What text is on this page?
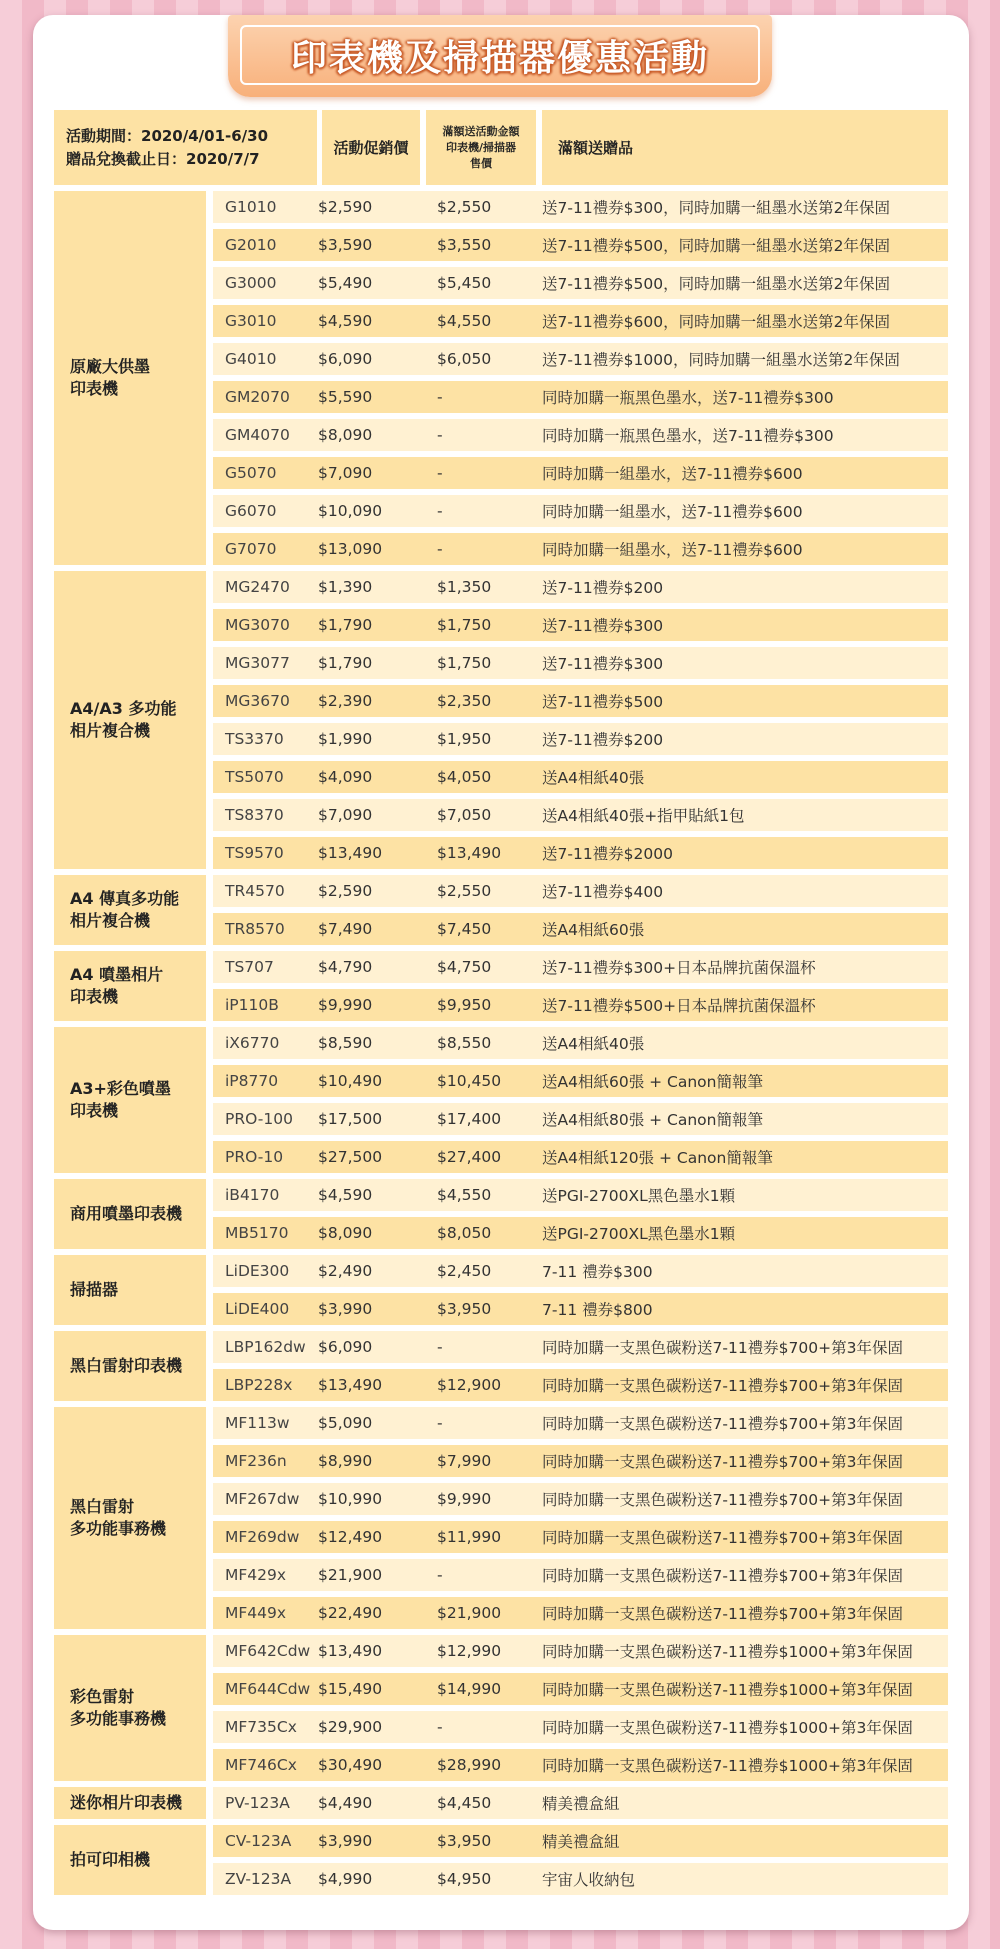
印表機及掃描器優惠活動
活動期間：2020/4/01-6/30
贈品兌換截止日：2020/7/7
活動促銷價
滿額送活動金額
印表機/掃描器
售價
滿額送贈品
原廠大供墨
印表機
G1010	$2,590	$2,550	送7-11禮券$300，同時加購一組墨水送第2年保固
G2010	$3,590	$3,550	送7-11禮券$500，同時加購一組墨水送第2年保固
G3000	$5,490	$5,450	送7-11禮券$500，同時加購一組墨水送第2年保固
G3010	$4,590	$4,550	送7-11禮券$600，同時加購一組墨水送第2年保固
G4010	$6,090	$6,050	送7-11禮券$1000，同時加購一組墨水送第2年保固
GM2070	$5,590	-	同時加購一瓶黑色墨水，送7-11禮券$300
GM4070	$8,090	-	同時加購一瓶黑色墨水，送7-11禮券$300
G5070	$7,090	-	同時加購一組墨水，送7-11禮券$600
G6070	$10,090	-	同時加購一組墨水，送7-11禮券$600
G7070	$13,090	-	同時加購一組墨水，送7-11禮券$600
A4/A3 多功能
相片複合機
MG2470	$1,390	$1,350	送7-11禮券$200
MG3070	$1,790	$1,750	送7-11禮券$300
MG3077	$1,790	$1,750	送7-11禮券$300
MG3670	$2,390	$2,350	送7-11禮券$500
TS3370	$1,990	$1,950	送7-11禮券$200
TS5070	$4,090	$4,050	送A4相紙40張
TS8370	$7,090	$7,050	送A4相紙40張+指甲貼紙1包
TS9570	$13,490	$13,490	送7-11禮券$2000
A4 傳真多功能
相片複合機
TR4570	$2,590	$2,550	送7-11禮券$400
TR8570	$7,490	$7,450	送A4相紙60張
A4 噴墨相片
印表機
TS707	$4,790	$4,750	送7-11禮券$300+日本品牌抗菌保溫杯
iP110B	$9,990	$9,950	送7-11禮券$500+日本品牌抗菌保溫杯
A3+彩色噴墨
印表機
iX6770	$8,590	$8,550	送A4相紙40張
iP8770	$10,490	$10,450	送A4相紙60張 + Canon簡報筆
PRO-100	$17,500	$17,400	送A4相紙80張 + Canon簡報筆
PRO-10	$27,500	$27,400	送A4相紙120張 + Canon簡報筆
商用噴墨印表機
iB4170	$4,590	$4,550	送PGI-2700XL黑色墨水1顆
MB5170	$8,090	$8,050	送PGI-2700XL黑色墨水1顆
掃描器
LiDE300	$2,490	$2,450	7-11 禮券$300
LiDE400	$3,990	$3,950	7-11 禮券$800
黑白雷射印表機
LBP162dw $6,090	-	同時加購一支黑色碳粉送7-11禮券$700+第3年保固
LBP228x	$13,490	$12,900	同時加購一支黑色碳粉送7-11禮券$700+第3年保固
黑白雷射
多功能事務機
MF113w	$5,090	-	同時加購一支黑色碳粉送7-11禮券$700+第3年保固
MF236n	$8,990	$7,990	同時加購一支黑色碳粉送7-11禮券$700+第3年保固
MF267dw	$10,990	$9,990	同時加購一支黑色碳粉送7-11禮券$700+第3年保固
MF269dw	$12,490	$11,990	同時加購一支黑色碳粉送7-11禮券$700+第3年保固
MF429x	$21,900	-	同時加購一支黑色碳粉送7-11禮券$700+第3年保固
MF449x	$22,490	$21,900	同時加購一支黑色碳粉送7-11禮券$700+第3年保固
彩色雷射
多功能事務機
MF642Cdw $13,490	$12,990	同時加購一支黑色碳粉送7-11禮券$1000+第3年保固
MF644Cdw $15,490	$14,990	同時加購一支黑色碳粉送7-11禮券$1000+第3年保固
MF735Cx	$29,900	-	同時加購一支黑色碳粉送7-11禮券$1000+第3年保固
MF746Cx	$30,490	$28,990	同時加購一支黑色碳粉送7-11禮券$1000+第3年保固
迷你相片印表機	PV-123A	$4,490	$4,450	精美禮盒組
拍可印相機
CV-123A	$3,990	$3,950	精美禮盒組
ZV-123A	$4,990	$4,950	宇宙人收納包
